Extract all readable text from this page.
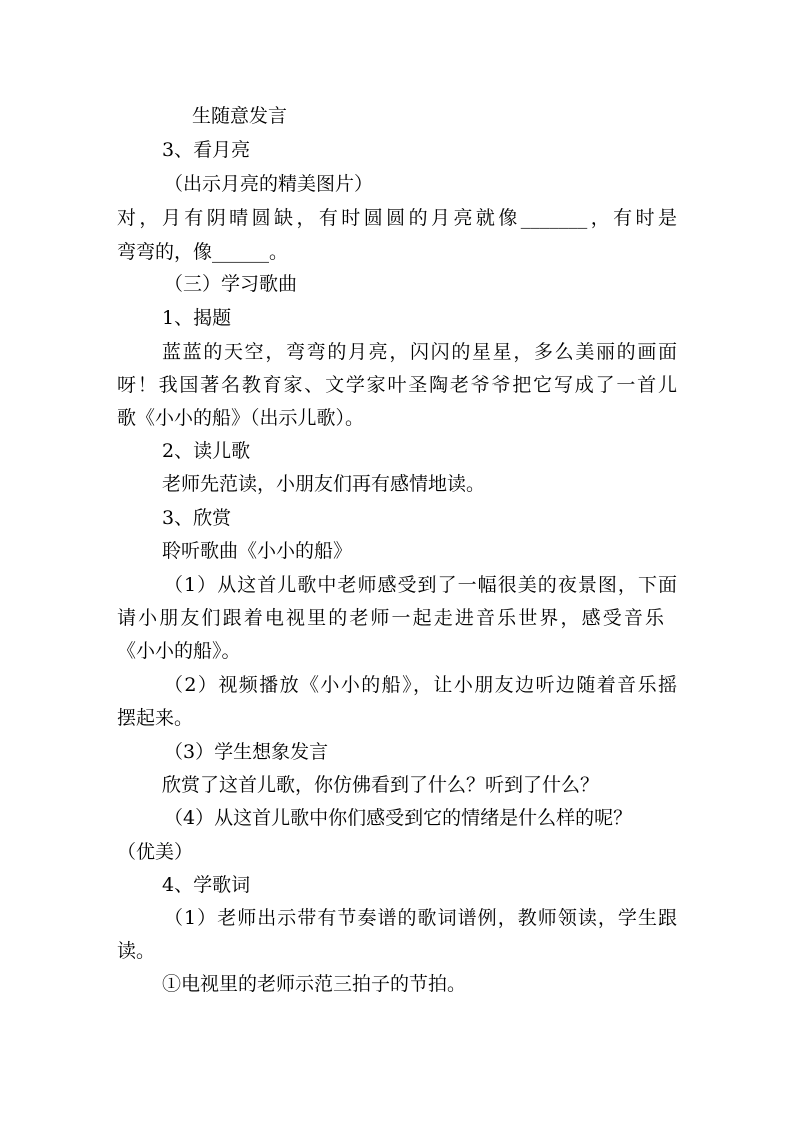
生随意发言
3、看月亮
（出示月亮的精美图片）
对，月有阴晴圆缺，有时圆圆的月亮就像_______，有时是
弯弯的，像______。
（三）学习歌曲
1、揭题
蓝蓝的天空，弯弯的月亮，闪闪的星星，多么美丽的画面
呀！我国著名教育家、文学家叶圣陶老爷爷把它写成了一首儿
歌《小小的船》（出示儿歌）。
2、读儿歌
老师先范读，小朋友们再有感情地读。
3、欣赏
聆听歌曲《小小的船》
（1）从这首儿歌中老师感受到了一幅很美的夜景图，下面
请小朋友们跟着电视里的老师一起走进音乐世界，感受音乐
《小小的船》。
（2）视频播放《小小的船》，让小朋友边听边随着音乐摇
摆起来。
（3）学生想象发言
欣赏了这首儿歌，你仿佛看到了什么？听到了什么？
（4）从这首儿歌中你们感受到它的情绪是什么样的呢？
（优美）
4、学歌词
（1）老师出示带有节奏谱的歌词谱例，教师领读，学生跟
读。
①电视里的老师示范三拍子的节拍。
